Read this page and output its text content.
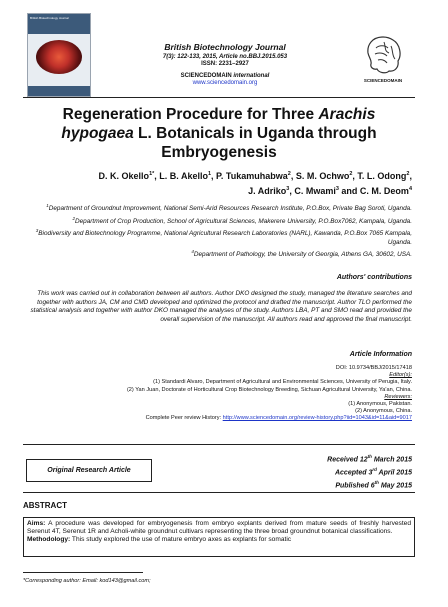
British Biotechnology Journal
British Biotechnology Journal
7(3): 122-133, 2015, Article no.BBJ.2015.053
ISSN: 2231–2927
SCIENCEDOMAIN international
www.sciencedomain.org	SCIENCEDOMAIN
Regeneration Procedure for Three Arachis
hypogaea L. Botanicals in Uganda through Embryogenesis
D. K. Okello$^{1*}$, L. B. Akello$^1$, P. Tukamuhabwa$^2$, S. M. Ochwo$^2$, T. L. Odong$^2$,
J. Adriko$^3$, C. Mwami$^3$ and C. M. Deom$^4$

$^1$Department of Groundnut Improvement, National Semi-Arid Resources Research Institute, P.O.Box, Private Bag Soroti, Uganda.

$^2$Department of Crop Production, School of Agricultural Sciences, Makerere University, P.O.Box7062, Kampala, Uganda.

$^3$Biodiversity and Biotechnology Programme, National Agricultural Research Laboratories (NARL), Kawanda, P.O.Box 7065 Kampala, Uganda.

$^4$Department of Pathology, the University of Georgia, Athens GA, 30602, USA.

Authors' contributions
This work was carried out in collaboration between all authors. Author DKO designed the study, managed the literature searches and together with authors JA, CM and CMD developed and optimized the protocol and drafted the manuscript. Author TLO performed the statistical analysis and together with author DKO managed the analyses of the study. Authors LBA, PT and SMO read and provided the overall supervision of the manuscript. All authors read and approved the final manuscript.
Article Information
DOI: 10.9734/BBJ/2015/17418
Editor(s):
(1) Standardi Alvaro, Department of Agricultural and Environmental Sciences, University of Perugia, Italy.
(2) Yan Juan, Doctorate of Horticultural Crop Biotechnology Breeding, Sichuan Agricultural University, Ya'an, China.
Reviewers:
(1) Anonymous, Pakistan.
(2) Anonymous, China.
Complete Peer review History: http://www.sciencedomain.org/review-history.php?iid=1043&id=11&aid=9017
Original Research Article
Received 12th March 2015
Accepted 3rd April 2015
Published 6th May 2015
ABSTRACT
Aims: A procedure was developed for embryogenesis from embryo explants derived from mature seeds of freshly harvested Serenut 4T, Serenut 1R and Acholi-white groundnut cultivars representing the three broad groundnut botanical classifications.
Methodology: This study explored the use of mature embryo axes as explants for somatic
*Corresponding author: Email: kod143@gmail.com;
